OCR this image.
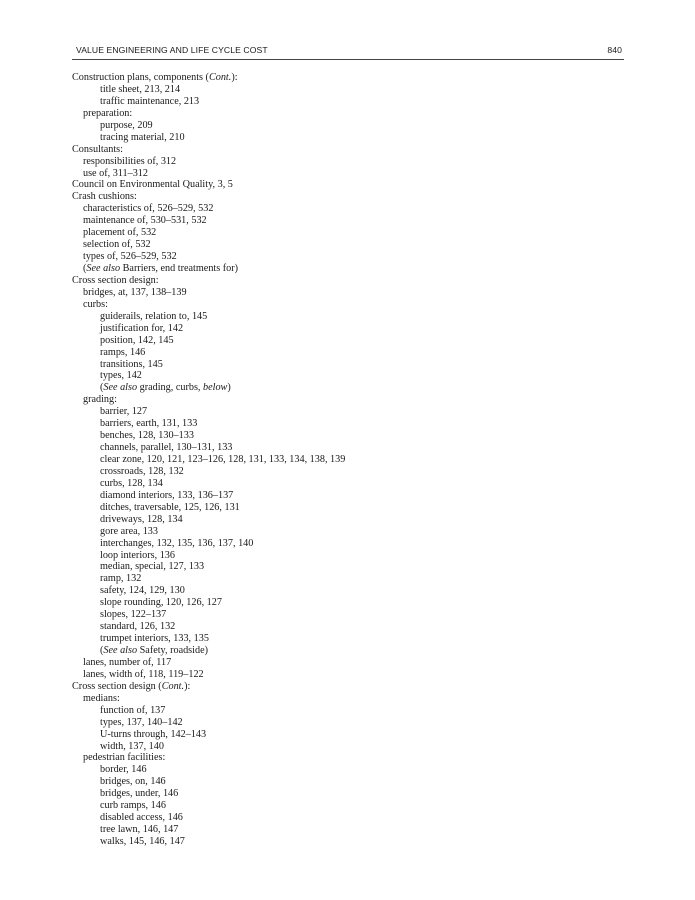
VALUE ENGINEERING AND LIFE CYCLE COST	840
Construction plans, components (Cont.):
title sheet, 213, 214
traffic maintenance, 213
preparation:
purpose, 209
tracing material, 210
Consultants:
responsibilities of, 312
use of, 311–312
Council on Environmental Quality, 3, 5
Crash cushions:
characteristics of, 526–529, 532
maintenance of, 530–531, 532
placement of, 532
selection of, 532
types of, 526–529, 532
(See also Barriers, end treatments for)
Cross section design:
bridges, at, 137, 138–139
curbs:
guiderails, relation to, 145
justification for, 142
position, 142, 145
ramps, 146
transitions, 145
types, 142
(See also grading, curbs, below)
grading:
barrier, 127
barriers, earth, 131, 133
benches, 128, 130–133
channels, parallel, 130–131, 133
clear zone, 120, 121, 123–126, 128, 131, 133, 134, 138, 139
crossroads, 128, 132
curbs, 128, 134
diamond interiors, 133, 136–137
ditches, traversable, 125, 126, 131
driveways, 128, 134
gore area, 133
interchanges, 132, 135, 136, 137, 140
loop interiors, 136
median, special, 127, 133
ramp, 132
safety, 124, 129, 130
slope rounding, 120, 126, 127
slopes, 122–137
standard, 126, 132
trumpet interiors, 133, 135
(See also Safety, roadside)
lanes, number of, 117
lanes, width of, 118, 119–122
Cross section design (Cont.):
medians:
function of, 137
types, 137, 140–142
U-turns through, 142–143
width, 137, 140
pedestrian facilities:
border, 146
bridges, on, 146
bridges, under, 146
curb ramps, 146
disabled access, 146
tree lawn, 146, 147
walks, 145, 146, 147
